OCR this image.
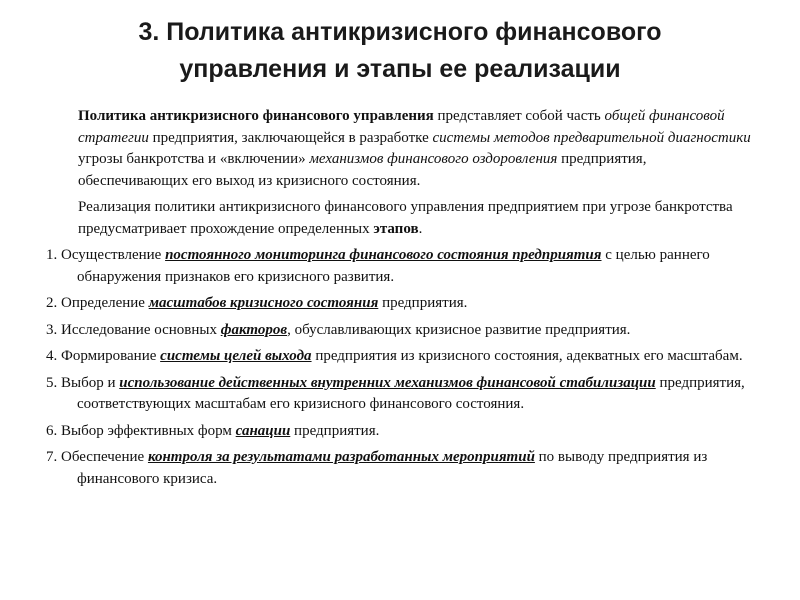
3. Политика антикризисного финансового
управления и этапы ее реализации

Политика антикризисного финансового управления представляет собой часть общей финансовой стратегии предприятия, заключающейся в разработке системы методов предварительной диагностики угрозы банкротства и «включении» механизмов финансового оздоровления предприятия, обеспечивающих его выход из кризисного состояния.

Реализация политики антикризисного финансового управления предприятием при угрозе банкротства предусматривает прохождение определенных этапов.

1. Осуществление постоянного мониторинга финансового состояния предприятия с целью раннего обнаружения признаков его кризисного развития.
2. Определение масштабов кризисного состояния предприятия.
3. Исследование основных факторов, обуславливающих кризисное развитие предприятия.
4. Формирование системы целей выхода предприятия из кризисного состояния, адекватных его масштабам.
5. Выбор и использование действенных внутренних механизмов финансовой стабилизации предприятия, соответствующих масштабам его кризисного финансового состояния.
6. Выбор эффективных форм санации предприятия.
7. Обеспечение контроля за результатами разработанных мероприятий по выводу предприятия из финансового кризиса.
